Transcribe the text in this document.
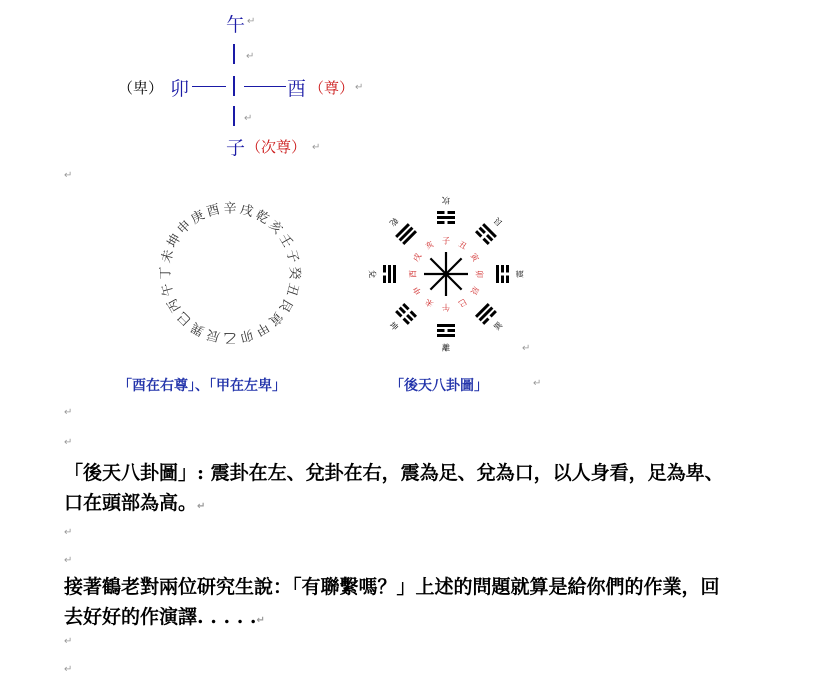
午 ↵
↵
（卑） 卯	酉 （尊） ↵
↵
子 （次尊） ↵
↵
巽
巳
丙
午
丁
未
坤
申
庚
酉 辛 戌
乾
亥
壬
子
癸
丑
艮
寅
甲
卯
乙
辰
午
未
申
酉
戌
亥 子 丑
寅
卯
辰
巳
離
坤
兌
乾
坎
艮
震
巽
↵
「酉在右尊」、「甲在左卑」	「後天八卦圖」	↵
↵
↵
「後天八卦圖」: 震卦在左、兌卦在右，震為足、兌為口，以人身看，足為卑、
口在頭部為高。↵
↵
↵
接著鶴老對兩位研究生說：「有聯繫嗎？」上述的問題就算是給你們的作業，回
去好好的作演譯. . . . .↵
↵
↵
